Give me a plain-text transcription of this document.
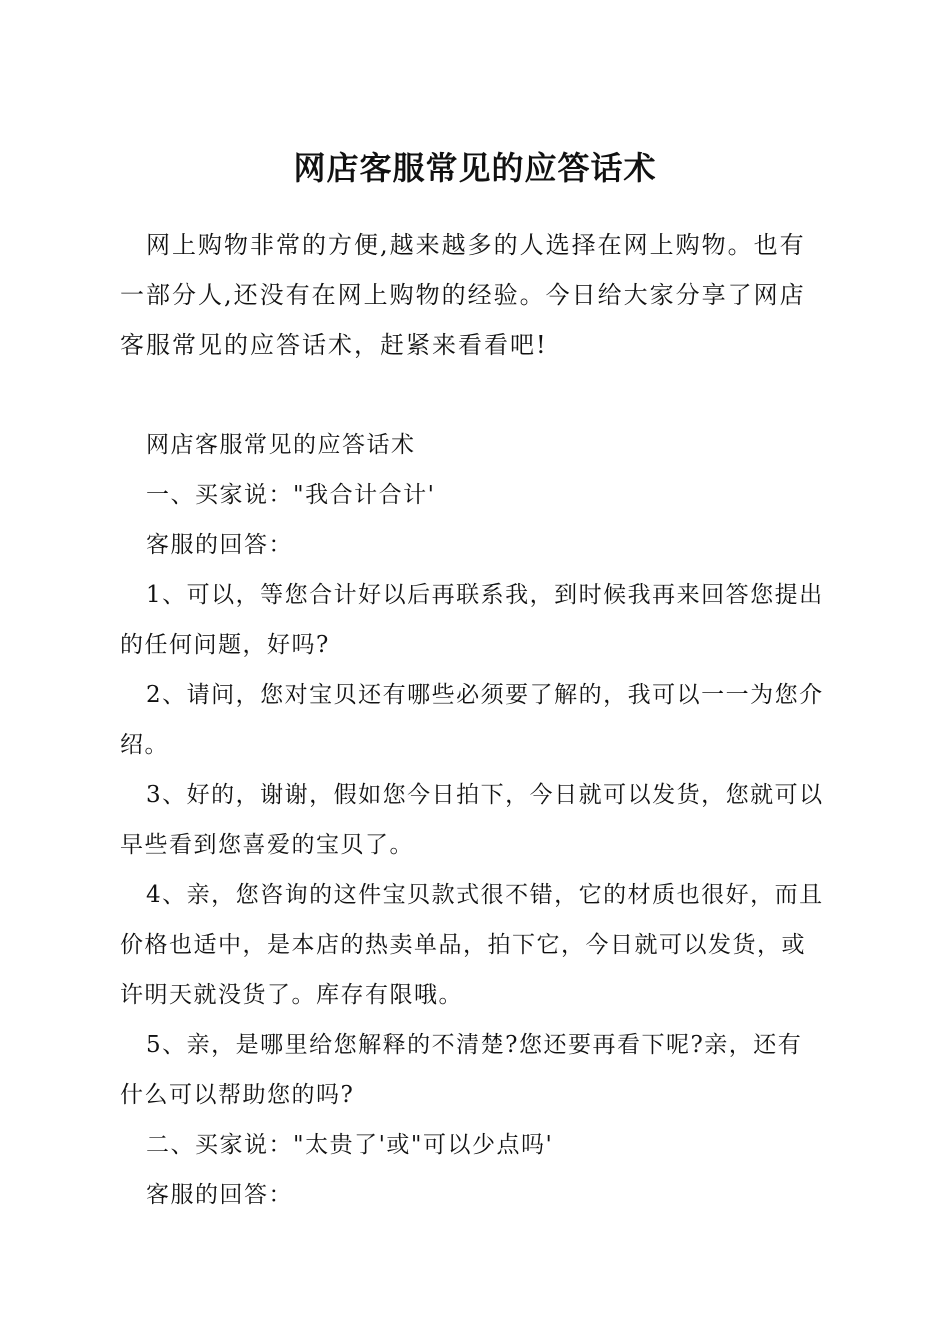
网店客服常见的应答话术

网上购物非常的方便,越来越多的人选择在网上购物。也有一部分人,还没有在网上购物的经验。今日给大家分享了网店客服常见的应答话术，赶紧来看看吧!

网店客服常见的应答话术

一、买家说："我合计合计'

客服的回答：

1、可以，等您合计好以后再联系我，到时候我再来回答您提出的任何问题，好吗?

2、请问，您对宝贝还有哪些必须要了解的，我可以一一为您介绍。

3、好的，谢谢，假如您今日拍下，今日就可以发货，您就可以早些看到您喜爱的宝贝了。

4、亲，您咨询的这件宝贝款式很不错，它的材质也很好，而且价格也适中，是本店的热卖单品，拍下它，今日就可以发货，或许明天就没货了。库存有限哦。

5、亲，是哪里给您解释的不清楚?您还要再看下呢?亲，还有什么可以帮助您的吗?

二、买家说："太贵了'或"可以少点吗'

客服的回答：
